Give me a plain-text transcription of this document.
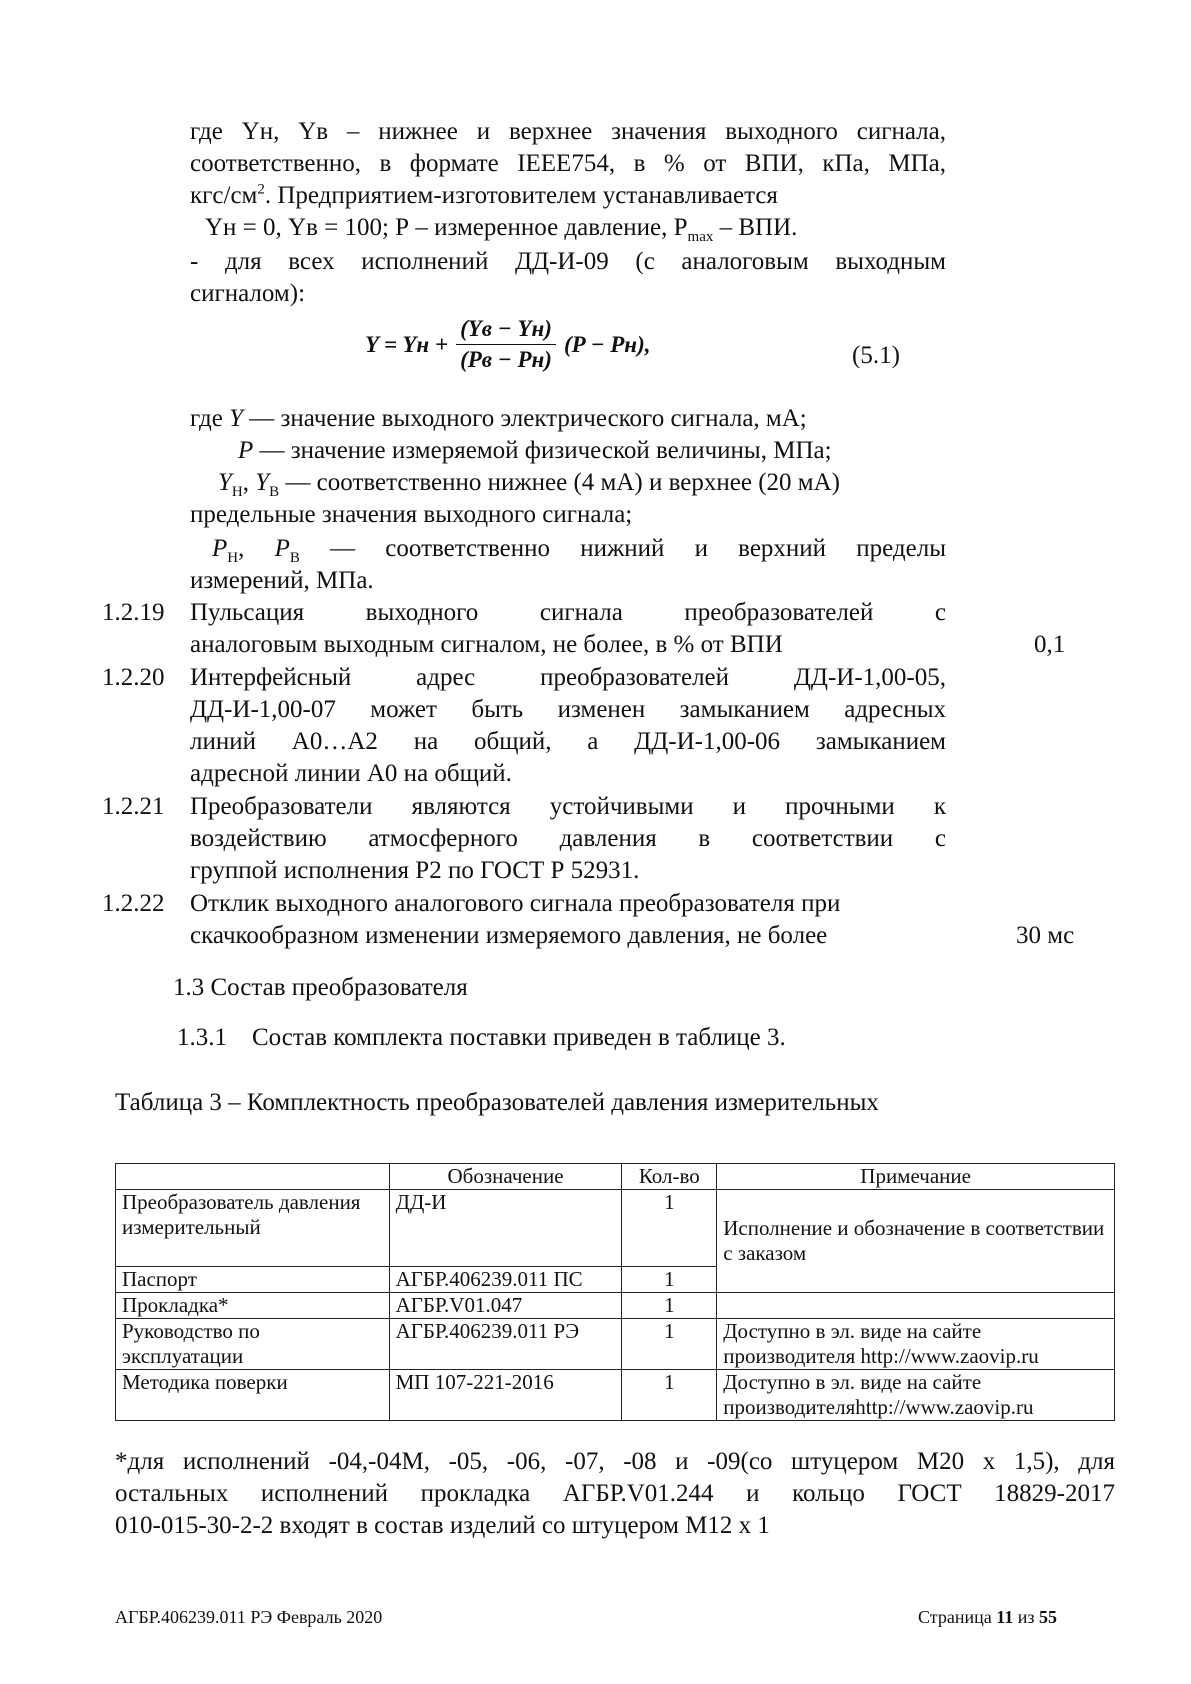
где Yн, Yв – нижнее и верхнее значения выходного сигнала,
соответственно, в формате IEEE754, в % от ВПИ, кПа, МПа,
кгс/$см^2$. Предприятием-изготовителем устанавливается
Yн = 0, Yв = 100; Р – измеренное давление, $Р_{max}$ – ВПИ.
- для всех исполнений ДД-И-09 (с аналоговым выходным
сигналом):
Y = Yн + $\frac{(Yв - Yн)}{(Pв - Pн)} (P - Pн)$,	(5.1)
где Y — значение выходного электрического сигнала, мА;
P — значение измеряемой физической величины, МПа;
$Y_Н$, $Y_В$ — соответственно нижнее (4 мА) и верхнее (20 мА)
предельные значения выходного сигнала;
$P_Н$, $P_В$ — соответственно нижний и верхний пределы
измерений, МПа.
1.2.19 Пульсация выходного сигнала преобразователей с
аналоговым выходным сигналом, не более, в % от ВПИ	0,1
1.2.20 Интерфейсный адрес преобразователей ДД-И-1,00-05,
ДД-И-1,00-07 может быть изменен замыканием адресных
линий А0…А2 на общий, а ДД-И-1,00-06 замыканием
адресной линии А0 на общий.
1.2.21 Преобразователи являются устойчивыми и прочными к
воздействию атмосферного давления в соответствии с
группой исполнения Р2 по ГОСТ Р 52931.
1.2.22 Отклик выходного аналогового сигнала преобразователя при
скачкообразном изменении измеряемого давления, не более	30 мс
1.3 Состав преобразователя
1.3.1    Состав комплекта поставки приведен в таблице 3.
Таблица 3 – Комплектность преобразователей давления измерительных
	Обозначение	Кол-во	Примечание
Преобразователь давления измерительный	ДД-И	1	Исполнение и обозначение в соответствии с заказом
Паспорт	АГБР.406239.011 ПС	1	
Прокладка*	АГБР.V01.047	1	
Руководство по эксплуатации	АГБР.406239.011 РЭ	1	Доступно в эл. виде на сайте производителя http://www.zaovip.ru
Методика поверки	МП 107-221-2016	1	Доступно в эл. виде на сайте производителяhttp://www.zaovip.ru
*для исполнений -04,-04М, -05, -06, -07, -08 и -09(со штуцером М20 х 1,5), для
остальных исполнений прокладка АГБР.V01.244 и кольцо ГОСТ 18829-2017
010-015-30-2-2 входят в состав изделий со штуцером М12 х 1
АГБР.406239.011 РЭ Февраль 2020	Страница 11 из 55
